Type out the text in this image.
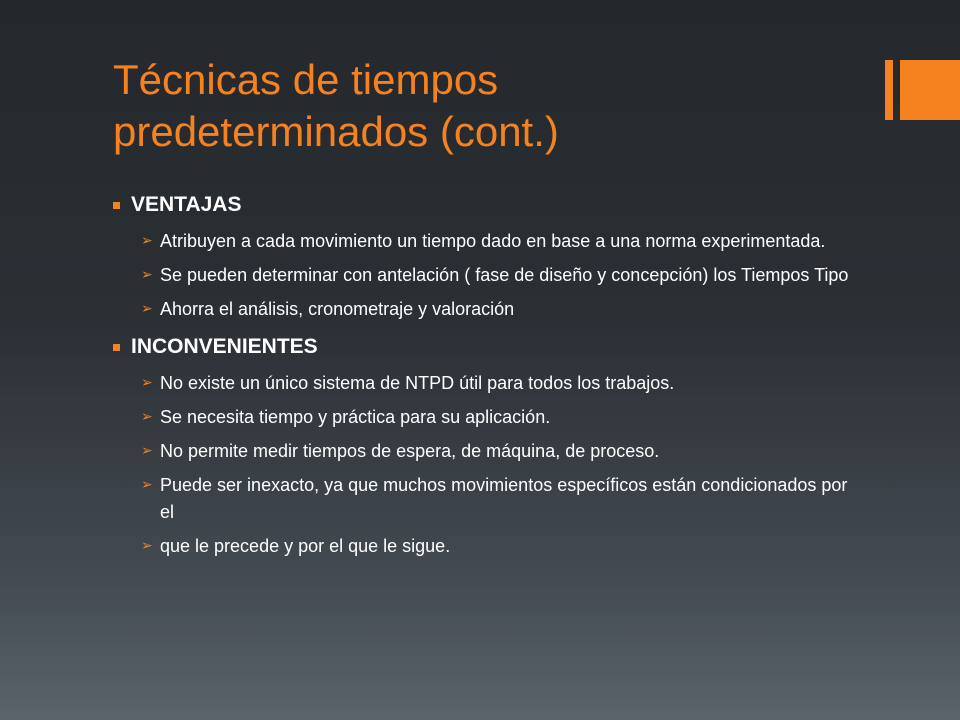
Técnicas de tiempos
predeterminados (cont.)
VENTAJAS
➢ Atribuyen a cada movimiento un tiempo dado en base a una norma experimentada.
➢ Se pueden determinar con antelación ( fase de diseño y concepción) los Tiempos Tipo
➢ Ahorra el análisis, cronometraje y valoración
INCONVENIENTES
➢ No existe un único sistema de NTPD útil para todos los trabajos.
➢ Se necesita tiempo y práctica para su aplicación.
➢ No permite medir tiempos de espera, de máquina, de proceso.
➢ Puede ser inexacto, ya que muchos movimientos específicos están condicionados por el
➢ que le precede y por el que le sigue.
